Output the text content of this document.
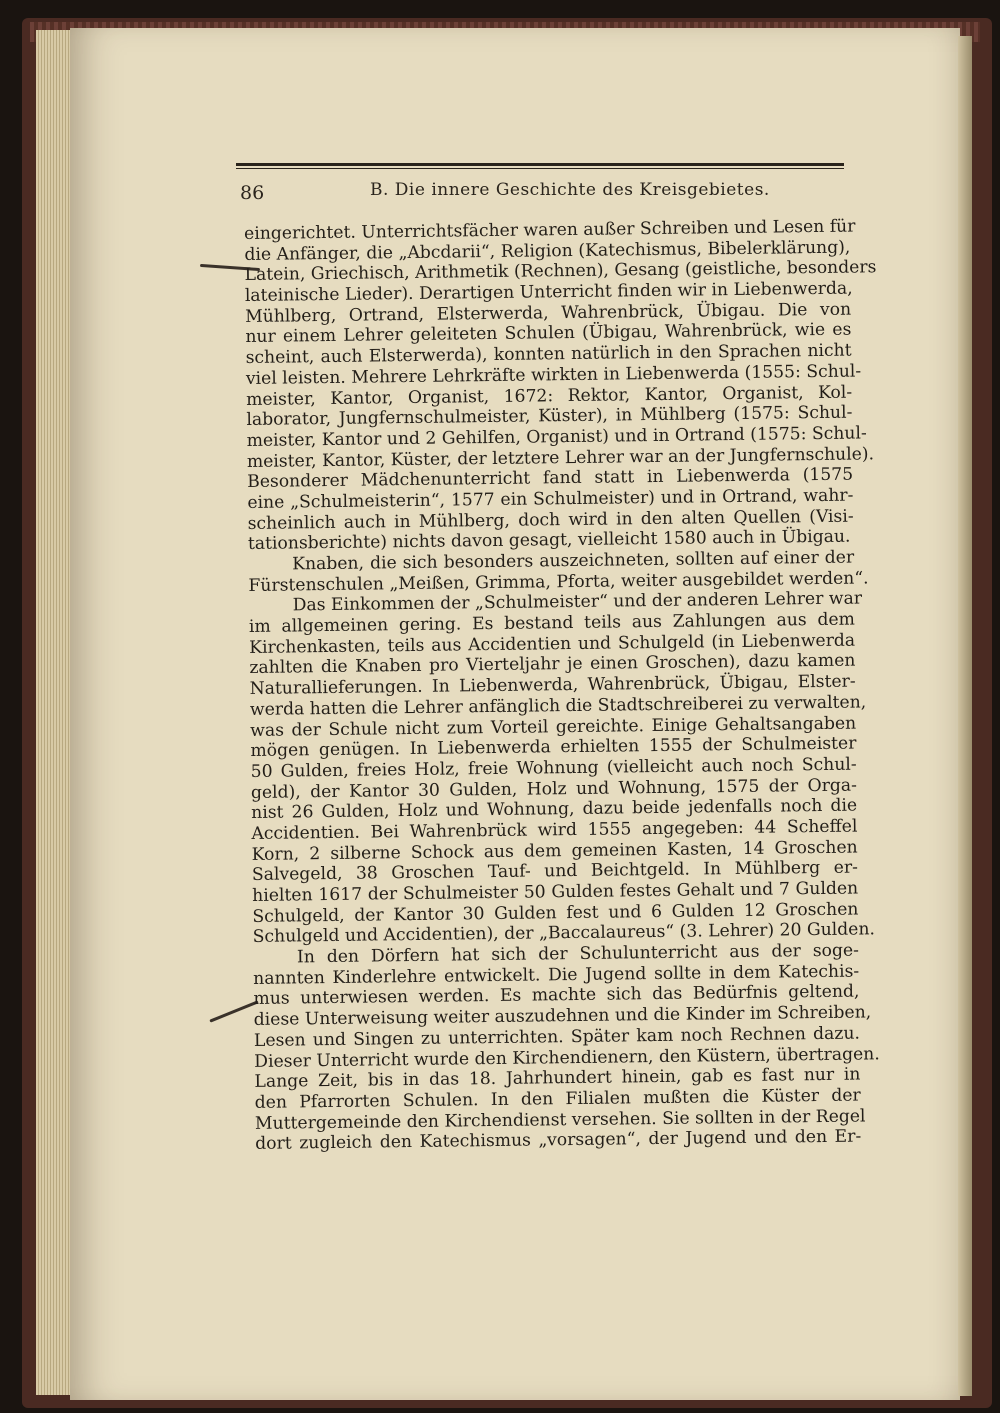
86	B. Die innere Geschichte des Kreisgebietes.
eingerichtet. Unterrichtsfächer waren außer Schreiben und Lesen für
die Anfänger, die „Abcdarii“, Religion (Katechismus, Bibelerklärung),
Latein, Griechisch, Arithmetik (Rechnen), Gesang (geistliche, besonders
lateinische Lieder). Derartigen Unterricht finden wir in Liebenwerda,
Mühlberg, Ortrand, Elsterwerda, Wahrenbrück, Übigau. Die von
nur einem Lehrer geleiteten Schulen (Übigau, Wahrenbrück, wie es
scheint, auch Elsterwerda), konnten natürlich in den Sprachen nicht
viel leisten. Mehrere Lehrkräfte wirkten in Liebenwerda (1555: Schul-
meister, Kantor, Organist, 1672: Rektor, Kantor, Organist, Kol-
laborator, Jungfernschulmeister, Küster), in Mühlberg (1575: Schul-
meister, Kantor und 2 Gehilfen, Organist) und in Ortrand (1575: Schul-
meister, Kantor, Küster, der letztere Lehrer war an der Jungfernschule).
Besonderer Mädchenunterricht fand statt in Liebenwerda (1575
eine „Schulmeisterin“, 1577 ein Schulmeister) und in Ortrand, wahr-
scheinlich auch in Mühlberg, doch wird in den alten Quellen (Visi-
tationsberichte) nichts davon gesagt, vielleicht 1580 auch in Übigau.
Knaben, die sich besonders auszeichneten, sollten auf einer der
Fürstenschulen „Meißen, Grimma, Pforta, weiter ausgebildet werden“.
Das Einkommen der „Schulmeister“ und der anderen Lehrer war
im allgemeinen gering. Es bestand teils aus Zahlungen aus dem
Kirchenkasten, teils aus Accidentien und Schulgeld (in Liebenwerda
zahlten die Knaben pro Vierteljahr je einen Groschen), dazu kamen
Naturallieferungen. In Liebenwerda, Wahrenbrück, Übigau, Elster-
werda hatten die Lehrer anfänglich die Stadtschreiberei zu verwalten,
was der Schule nicht zum Vorteil gereichte. Einige Gehaltsangaben
mögen genügen. In Liebenwerda erhielten 1555 der Schulmeister
50 Gulden, freies Holz, freie Wohnung (vielleicht auch noch Schul-
geld), der Kantor 30 Gulden, Holz und Wohnung, 1575 der Orga-
nist 26 Gulden, Holz und Wohnung, dazu beide jedenfalls noch die
Accidentien. Bei Wahrenbrück wird 1555 angegeben: 44 Scheffel
Korn, 2 silberne Schock aus dem gemeinen Kasten, 14 Groschen
Salvegeld, 38 Groschen Tauf- und Beichtgeld. In Mühlberg er-
hielten 1617 der Schulmeister 50 Gulden festes Gehalt und 7 Gulden
Schulgeld, der Kantor 30 Gulden fest und 6 Gulden 12 Groschen
Schulgeld und Accidentien), der „Baccalaureus“ (3. Lehrer) 20 Gulden.
In den Dörfern hat sich der Schulunterricht aus der soge-
nannten Kinderlehre entwickelt. Die Jugend sollte in dem Katechis-
mus unterwiesen werden. Es machte sich das Bedürfnis geltend,
diese Unterweisung weiter auszudehnen und die Kinder im Schreiben,
Lesen und Singen zu unterrichten. Später kam noch Rechnen dazu.
Dieser Unterricht wurde den Kirchendienern, den Küstern, übertragen.
Lange Zeit, bis in das 18. Jahrhundert hinein, gab es fast nur in
den Pfarrorten Schulen. In den Filialen mußten die Küster der
Muttergemeinde den Kirchendienst versehen. Sie sollten in der Regel
dort zugleich den Katechismus „vorsagen“, der Jugend und den Er-
